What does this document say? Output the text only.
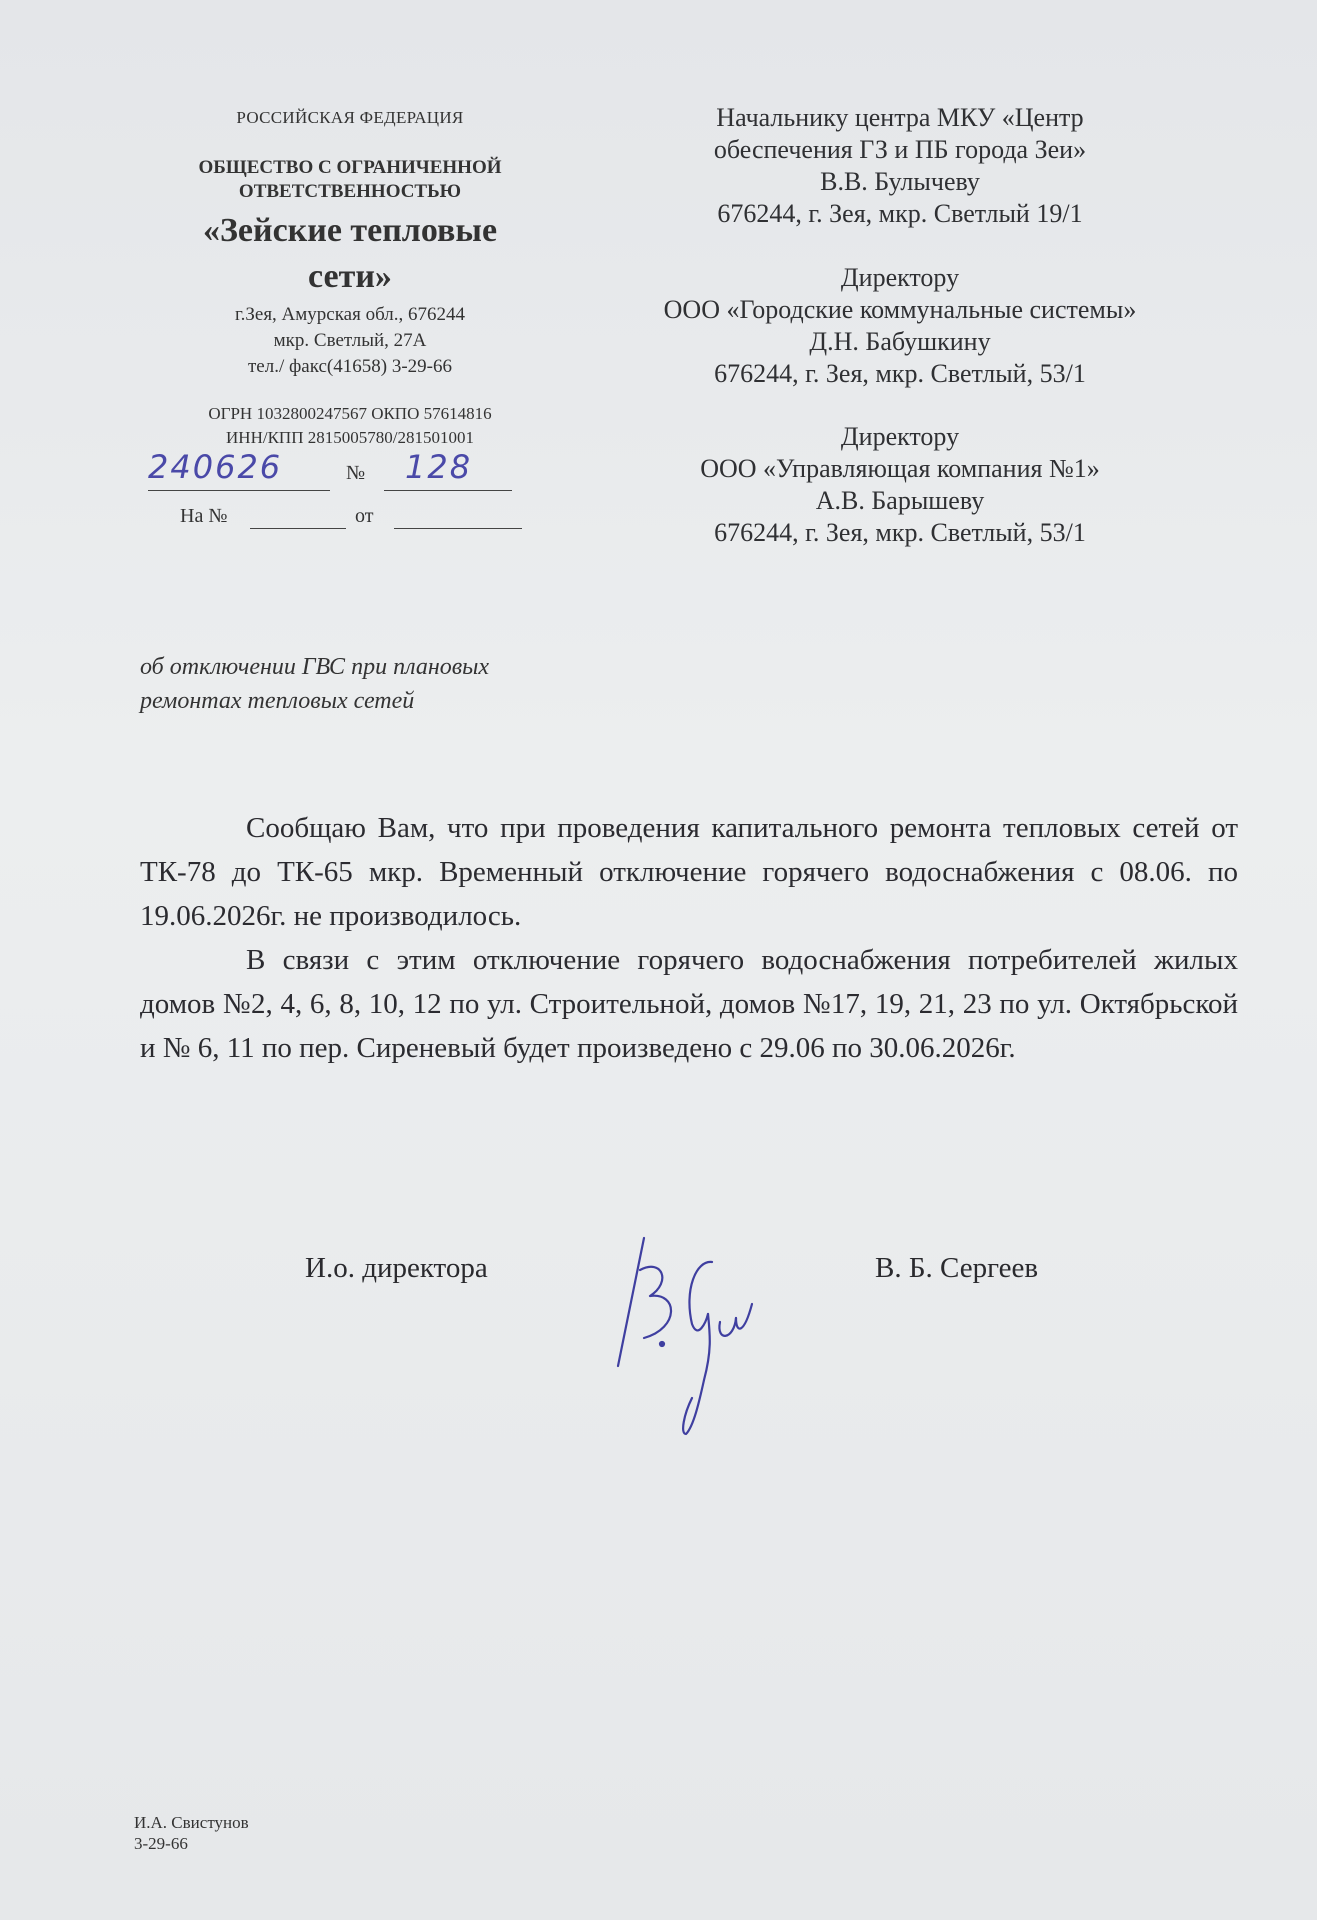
РОССИЙСКАЯ ФЕДЕРАЦИЯ
ОБЩЕСТВО С ОГРАНИЧЕННОЙ
ОТВЕТСТВЕННОСТЬЮ
«Зейские тепловые
сети»
г.Зея, Амурская обл., 676244
мкр. Светлый, 27А
тел./ факс(41658) 3-29-66
ОГРН 1032800247567 ОКПО 57614816
ИНН/КПП 2815005780/281501001
240626	№ 128
На №	от
Начальнику центра МКУ «Центр
обеспечения ГЗ и ПБ города Зеи»
В.В. Булычеву
676244, г. Зея, мкр. Светлый 19/1
Директору
ООО «Городские коммунальные системы»
Д.Н. Бабушкину
676244, г. Зея, мкр. Светлый, 53/1
Директору
ООО «Управляющая компания №1»
А.В. Барышеву
676244, г. Зея, мкр. Светлый, 53/1
об отключении ГВС при плановых
ремонтах тепловых сетей

Сообщаю Вам, что при проведения капитального ремонта тепловых сетей от ТК-78 до ТК-65 мкр. Временный отключение горячего водоснабжения с 08.06. по 19.06.2026г. не производилось.

В связи с этим отключение горячего водоснабжения потребителей жилых домов №2, 4, 6, 8, 10, 12 по ул. Строительной, домов №17, 19, 21, 23 по ул. Октябрьской и № 6, 11 по пер. Сиреневый будет произведено с 29.06 по 30.06.2026г.

И.о. директора	В. Б. Сергеев
И.А. Свистунов
3-29-66
